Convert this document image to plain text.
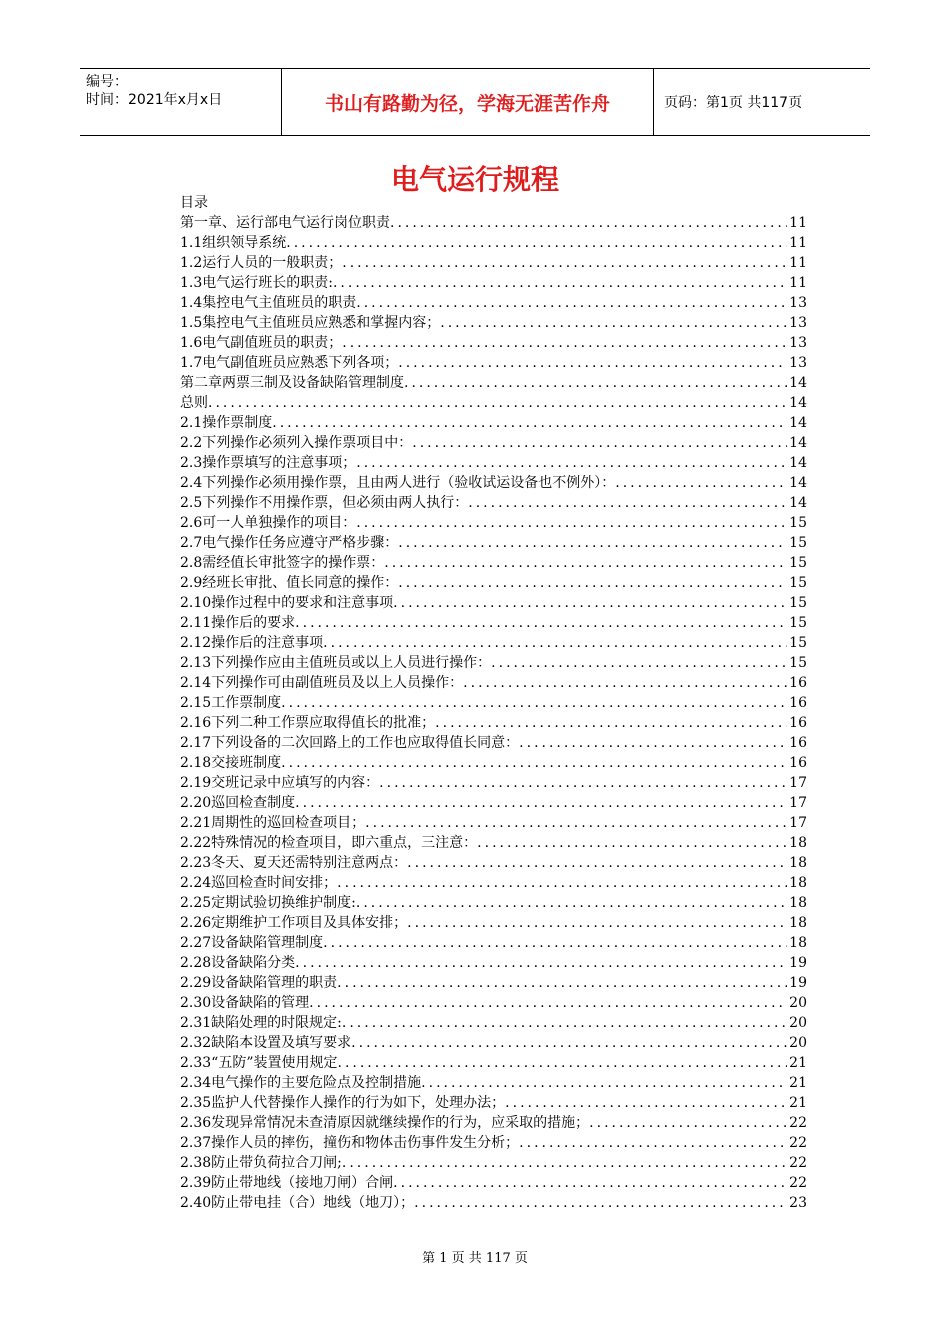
编号：
时间：2021年x月x日	书山有路勤为径，学海无涯苦作舟	页码：第1页 共117页
电气运行规程
目录
第一章、运行部电气运行岗位职责 .....	11
1.1组织领导系统 .....	11
1.2运行人员的一般职责； .....	11
1.3电气运行班长的职责: .....	11
1.4集控电气主值班员的职责 .....	13
1.5集控电气主值班员应熟悉和掌握内容； .....	13
1.6电气副值班员的职责； .....	13
1.7电气副值班员应熟悉下列各项； .....	13
第二章两票三制及设备缺陷管理制度 .....	14
总则 .....	14
2.1操作票制度 .....	14
2.2下列操作必须列入操作票项目中： .....	14
2.3操作票填写的注意事项； .....	14
2.4下列操作必须用操作票，且由两人进行（验收试运设备也不例外）： .....	14
2.5下列操作不用操作票，但必须由两人执行： .....	14
2.6可一人单独操作的项目： .....	15
2.7电气操作任务应遵守严格步骤： .....	15
2.8需经值长审批签字的操作票： .....	15
2.9经班长审批、值长同意的操作： .....	15
2.10操作过程中的要求和注意事项 .....	15
2.11操作后的要求 .....	15
2.12操作后的注意事项 .....	15
2.13下列操作应由主值班员或以上人员进行操作： .....	15
2.14下列操作可由副值班员及以上人员操作： .....	16
2.15工作票制度 .....	16
2.16下列二种工作票应取得值长的批准； .....	16
2.17下列设备的二次回路上的工作也应取得值长同意： .....	16
2.18交接班制度 .....	16
2.19交班记录中应填写的内容： .....	17
2.20巡回检查制度 .....	17
2.21周期性的巡回检查项目； .....	17
2.22特殊情况的检查项目，即六重点，三注意： .....	18
2.23冬天、夏天还需特别注意两点： .....	18
2.24巡回检查时间安排； .....	18
2.25定期试验切换维护制度: .....	18
2.26定期维护工作项目及具体安排； .....	18
2.27设备缺陷管理制度 .....	18
2.28设备缺陷分类 .....	19
2.29设备缺陷管理的职责 .....	19
2.30设备缺陷的管理 .....	20
2.31缺陷处理的时限规定: .....	20
2.32缺陷本设置及填写要求 .....	20
2.33“五防”装置使用规定 .....	21
2.34电气操作的主要危险点及控制措施 .....	21
2.35监护人代替操作人操作的行为如下，处理办法； .....	21
2.36发现异常情况未查清原因就继续操作的行为，应采取的措施； .....	22
2.37操作人员的摔伤，撞伤和物体击伤事件发生分析； .....	22
2.38防止带负荷拉合刀闸; .....	22
2.39防止带地线（接地刀闸）合闸 .....	22
2.40防止带电挂（合）地线（地刀）； .....	23
第 1 页 共 117 页
